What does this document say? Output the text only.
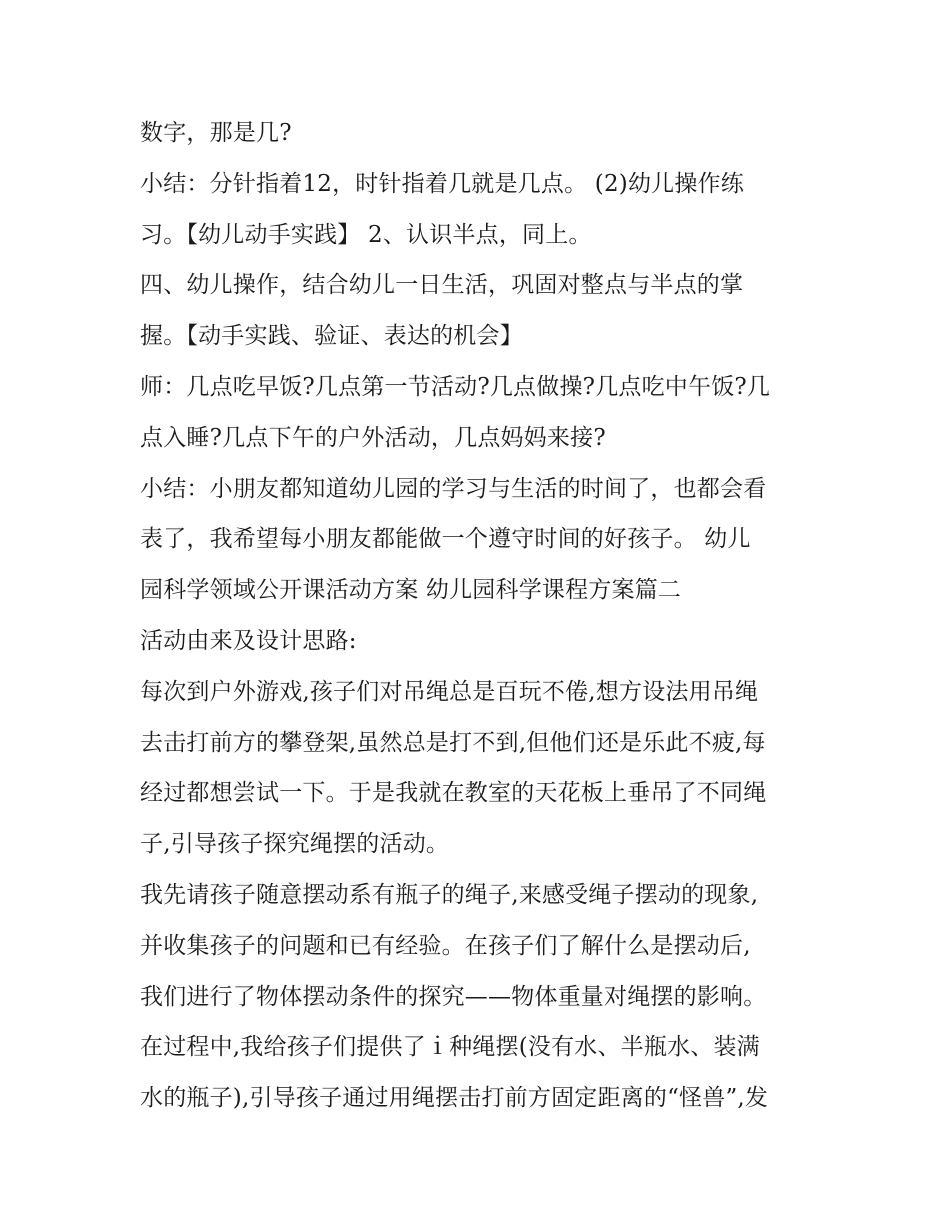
数字，那是几?

小结：分针指着12，时针指着几就是几点。 (2)幼儿操作练

习。【幼儿动手实践】 2、认识半点，同上。

四、幼儿操作，结合幼儿一日生活，巩固对整点与半点的掌

握。【动手实践、验证、表达的机会】

师：几点吃早饭?几点第一节活动?几点做操?几点吃中午饭?几

点入睡?几点下午的户外活动，几点妈妈来接?

小结：小朋友都知道幼儿园的学习与生活的时间了，也都会看

表了，我希望每小朋友都能做一个遵守时间的好孩子。 幼儿

园科学领域公开课活动方案 幼儿园科学课程方案篇二

活动由来及设计思路:

每次到户外游戏,孩子们对吊绳总是百玩不倦,想方设法用吊绳

去击打前方的攀登架,虽然总是打不到,但他们还是乐此不疲,每

经过都想尝试一下。于是我就在教室的天花板上垂吊了不同绳

子,引导孩子探究绳摆的活动。

我先请孩子随意摆动系有瓶子的绳子,来感受绳子摆动的现象,

并收集孩子的问题和已有经验。在孩子们了解什么是摆动后,

我们进行了物体摆动条件的探究——物体重量对绳摆的影响。

在过程中,我给孩子们提供了ｉ种绳摆(没有水、半瓶水、装满

水的瓶子),引导孩子通过用绳摆击打前方固定距离的“怪兽”,发
